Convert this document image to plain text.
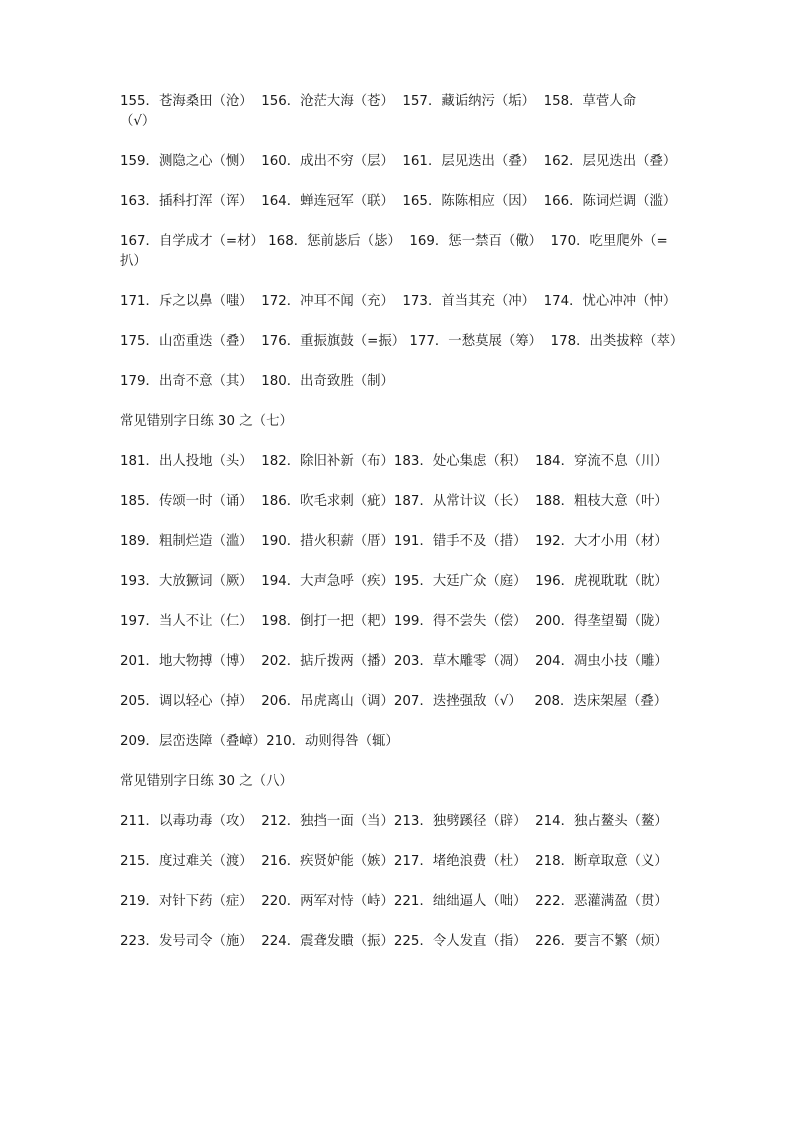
155．苍海桑田（沧）  156．沧茫大海（苍）  157．藏诟纳污（垢）  158．草菅人命
（√）

159．测隐之心（恻）  160．成出不穷（层）  161．层见迭出（叠）  162．层见迭出（叠）

163．插科打浑（诨）  164．蝉连冠军（联）  165．陈陈相应（因）  166．陈词烂调（滥）

167．自学成才（=材） 168．惩前毖后（毖）  169．惩一禁百（儆）  170．吃里爬外（=
扒）

171．斥之以鼻（嗤）  172．冲耳不闻（充）  173．首当其充（冲）  174．忧心冲冲（忡）

175．山峦重迭（叠）  176．重振旗鼓（=振） 177．一愁莫展（筹）  178．出类拔粹（萃）

179．出奇不意（其）  180．出奇致胜（制）

常见错别字日练 30 之（七）

181．出人投地（头）  182．除旧补新（布）183．处心集虑（积）  184．穿流不息（川）

185．传颂一时（诵）  186．吹毛求刺（疵）187．从常计议（长）  188．粗枝大意（叶）

189．粗制烂造（滥）  190．措火积薪（厝）191．错手不及（措）  192．大才小用（材）

193．大放獗词（厥）  194．大声急呼（疾）195．大廷广众（庭）  196．虎视耽耽（眈）

197．当人不让（仁）  198．倒打一把（耙）199．得不尝失（偿）  200．得垄望蜀（陇）

201．地大物搏（博）  202．掂斤拨两（播）203．草木雕零（凋）  204．凋虫小技（雕）

205．调以轻心（掉）  206．吊虎离山（调）207．迭挫强敌（√）   208．迭床架屋（叠）

209．层峦迭障（叠嶂）210．动则得咎（辄）

常见错别字日练 30 之（八）

211．以毒功毒（攻）  212．独挡一面（当）213．独劈蹊径（辟）  214．独占鳌头（鳌）

215．度过难关（渡）  216．疾贤妒能（嫉）217．堵绝浪费（杜）  218．断章取意（义）

219．对针下药（症）  220．两军对恃（峙）221．绌绌逼人（咄）  222．恶灌满盈（贯）

223．发号司令（施）  224．震聋发瞶（振）225．令人发直（指）  226．要言不繁（烦）
